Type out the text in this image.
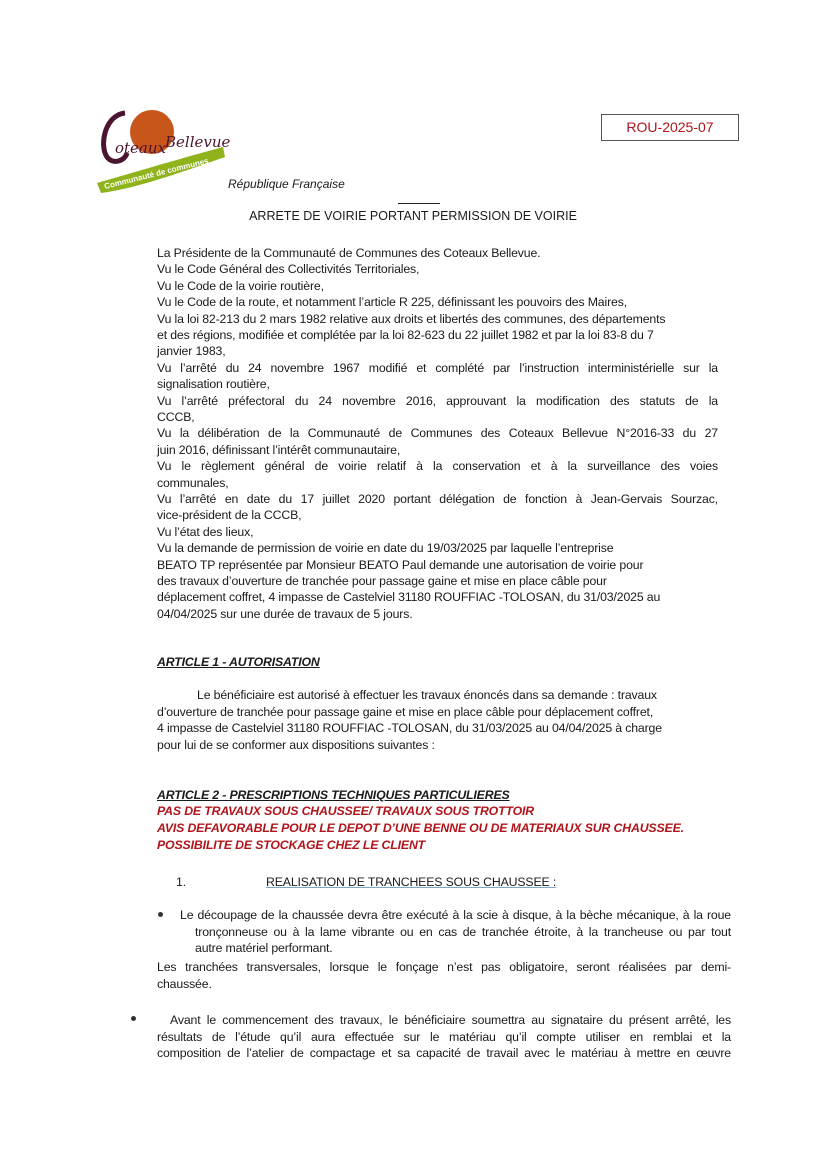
oteaux Bellevue
Communauté de communes
ROU-2025-07
République Française
ARRETE DE VOIRIE PORTANT PERMISSION DE VOIRIE
La Présidente de la Communauté de Communes des Coteaux Bellevue.
Vu le Code Général des Collectivités Territoriales,
Vu le Code de la voirie routière,
Vu le Code de la route, et notamment l’article R 225, définissant les pouvoirs des Maires,
Vu la loi 82-213 du 2 mars 1982 relative aux droits et libertés des communes, des départements
et des régions, modifiée et complétée par la loi 82-623 du 22 juillet 1982 et par la loi 83-8 du 7
janvier 1983,
Vu l’arrêté du 24 novembre 1967 modifié et complété par l’instruction interministérielle sur la
signalisation routière,
Vu l’arrêté préfectoral du 24 novembre 2016, approuvant la modification des statuts de la
CCCB,
Vu la délibération de la Communauté de Communes des Coteaux Bellevue N°2016-33 du 27
juin 2016, définissant l’intérêt communautaire,
Vu le règlement général de voirie relatif à la conservation et à la surveillance des voies
communales,
Vu l’arrêté en date du 17 juillet 2020 portant délégation de fonction à Jean-Gervais Sourzac,
vice-président de la CCCB,
Vu l’état des lieux,
Vu la demande de permission de voirie en date du 19/03/2025 par laquelle l’entreprise
BEATO TP représentée par Monsieur BEATO Paul demande une autorisation de voirie pour
des travaux d’ouverture de tranchée pour passage gaine et mise en place câble pour
déplacement coffret, 4 impasse de Castelviel 31180 ROUFFIAC -TOLOSAN, du 31/03/2025 au
04/04/2025 sur une durée de travaux de 5 jours.
ARTICLE 1 - AUTORISATION
Le bénéficiaire est autorisé à effectuer les travaux énoncés dans sa demande : travaux
d’ouverture de tranchée pour passage gaine et mise en place câble pour déplacement coffret,
4 impasse de Castelviel 31180 ROUFFIAC -TOLOSAN, du 31/03/2025 au 04/04/2025 à charge
pour lui de se conformer aux dispositions suivantes :
ARTICLE 2 - PRESCRIPTIONS TECHNIQUES PARTICULIERES
PAS DE TRAVAUX SOUS CHAUSSEE/ TRAVAUX SOUS TROTTOIR
AVIS DEFAVORABLE POUR LE DEPOT D’UNE BENNE OU DE MATERIAUX SUR CHAUSSEE.
POSSIBILITE DE STOCKAGE CHEZ LE CLIENT
1.	REALISATION DE TRANCHEES SOUS CHAUSSEE :
Le découpage de la chaussée devra être exécuté à la scie à disque, à la bèche mécanique, à la roue
tronçonneuse ou à la lame vibrante ou en cas de tranchée étroite, à la trancheuse ou par tout
autre matériel performant.
Les tranchées transversales, lorsque le fonçage n’est pas obligatoire, seront réalisées par demi-
chaussée.
Avant le commencement des travaux, le bénéficiaire soumettra au signataire du présent arrêté, les
résultats de l’étude qu’il aura effectuée sur le matériau qu’il compte utiliser en remblai et la
composition de l’atelier de compactage et sa capacité de travail avec le matériau à mettre en œuvre
